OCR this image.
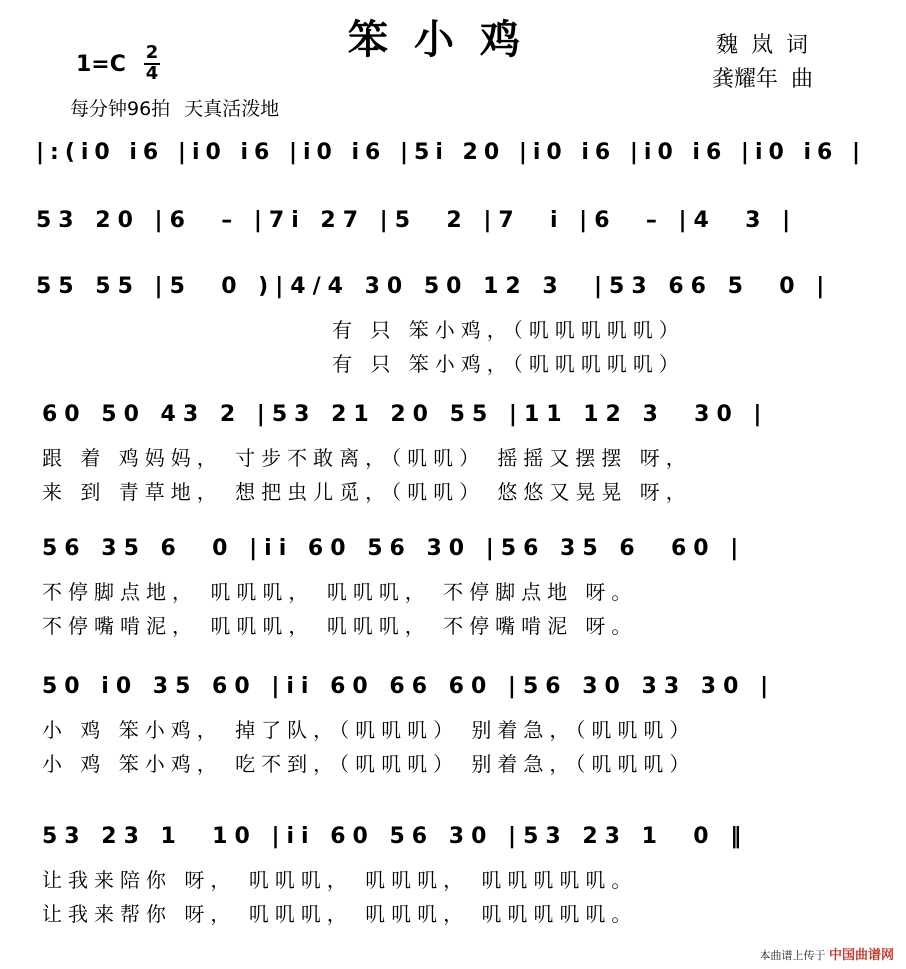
笨小鸡	魏 岚 词
龚耀年 曲
$1=C \frac{2}{4}$
每分钟96拍 天真活泼地
|:(i0 i6 |i0 i6 |i0 i6 |5i 20 |i0 i6 |i0 i6 |i0 i6 |
53 20 |6  – |7i 27 |5  2 |7  i |6  – |4  3 |
55 55 |5  0 )|4/4 30 50 12 3  |53 66 5  0 |
有 只 笨小鸡，（叽叽叽叽叽）
有 只 笨小鸡，（叽叽叽叽叽）
60 50 43 2 |53 21 20 55 |11 12 3  30 |
跟 着 鸡妈妈， 寸步不敢离，（叽叽） 摇摇又摆摆 呀，
来 到 青草地， 想把虫儿觅，（叽叽） 悠悠又晃晃 呀，
56 35 6  0 |ii 60 56 30 |56 35 6  60 |
不停脚点地， 叽叽叽， 叽叽叽， 不停脚点地 呀。
不停嘴啃泥， 叽叽叽， 叽叽叽， 不停嘴啃泥 呀。
50 i0 35 60 |ii 60 66 60 |56 30 33 30 |
小 鸡 笨小鸡， 掉了队，（叽叽叽） 别着急，（叽叽叽）
小 鸡 笨小鸡， 吃不到，（叽叽叽） 别着急，（叽叽叽）
53 23 1  10 |ii 60 56 30 |53 23 1  0 ‖
让我来陪你 呀， 叽叽叽， 叽叽叽， 叽叽叽叽叽。
让我来帮你 呀， 叽叽叽， 叽叽叽， 叽叽叽叽叽。
本曲谱上传于 中国曲谱网
